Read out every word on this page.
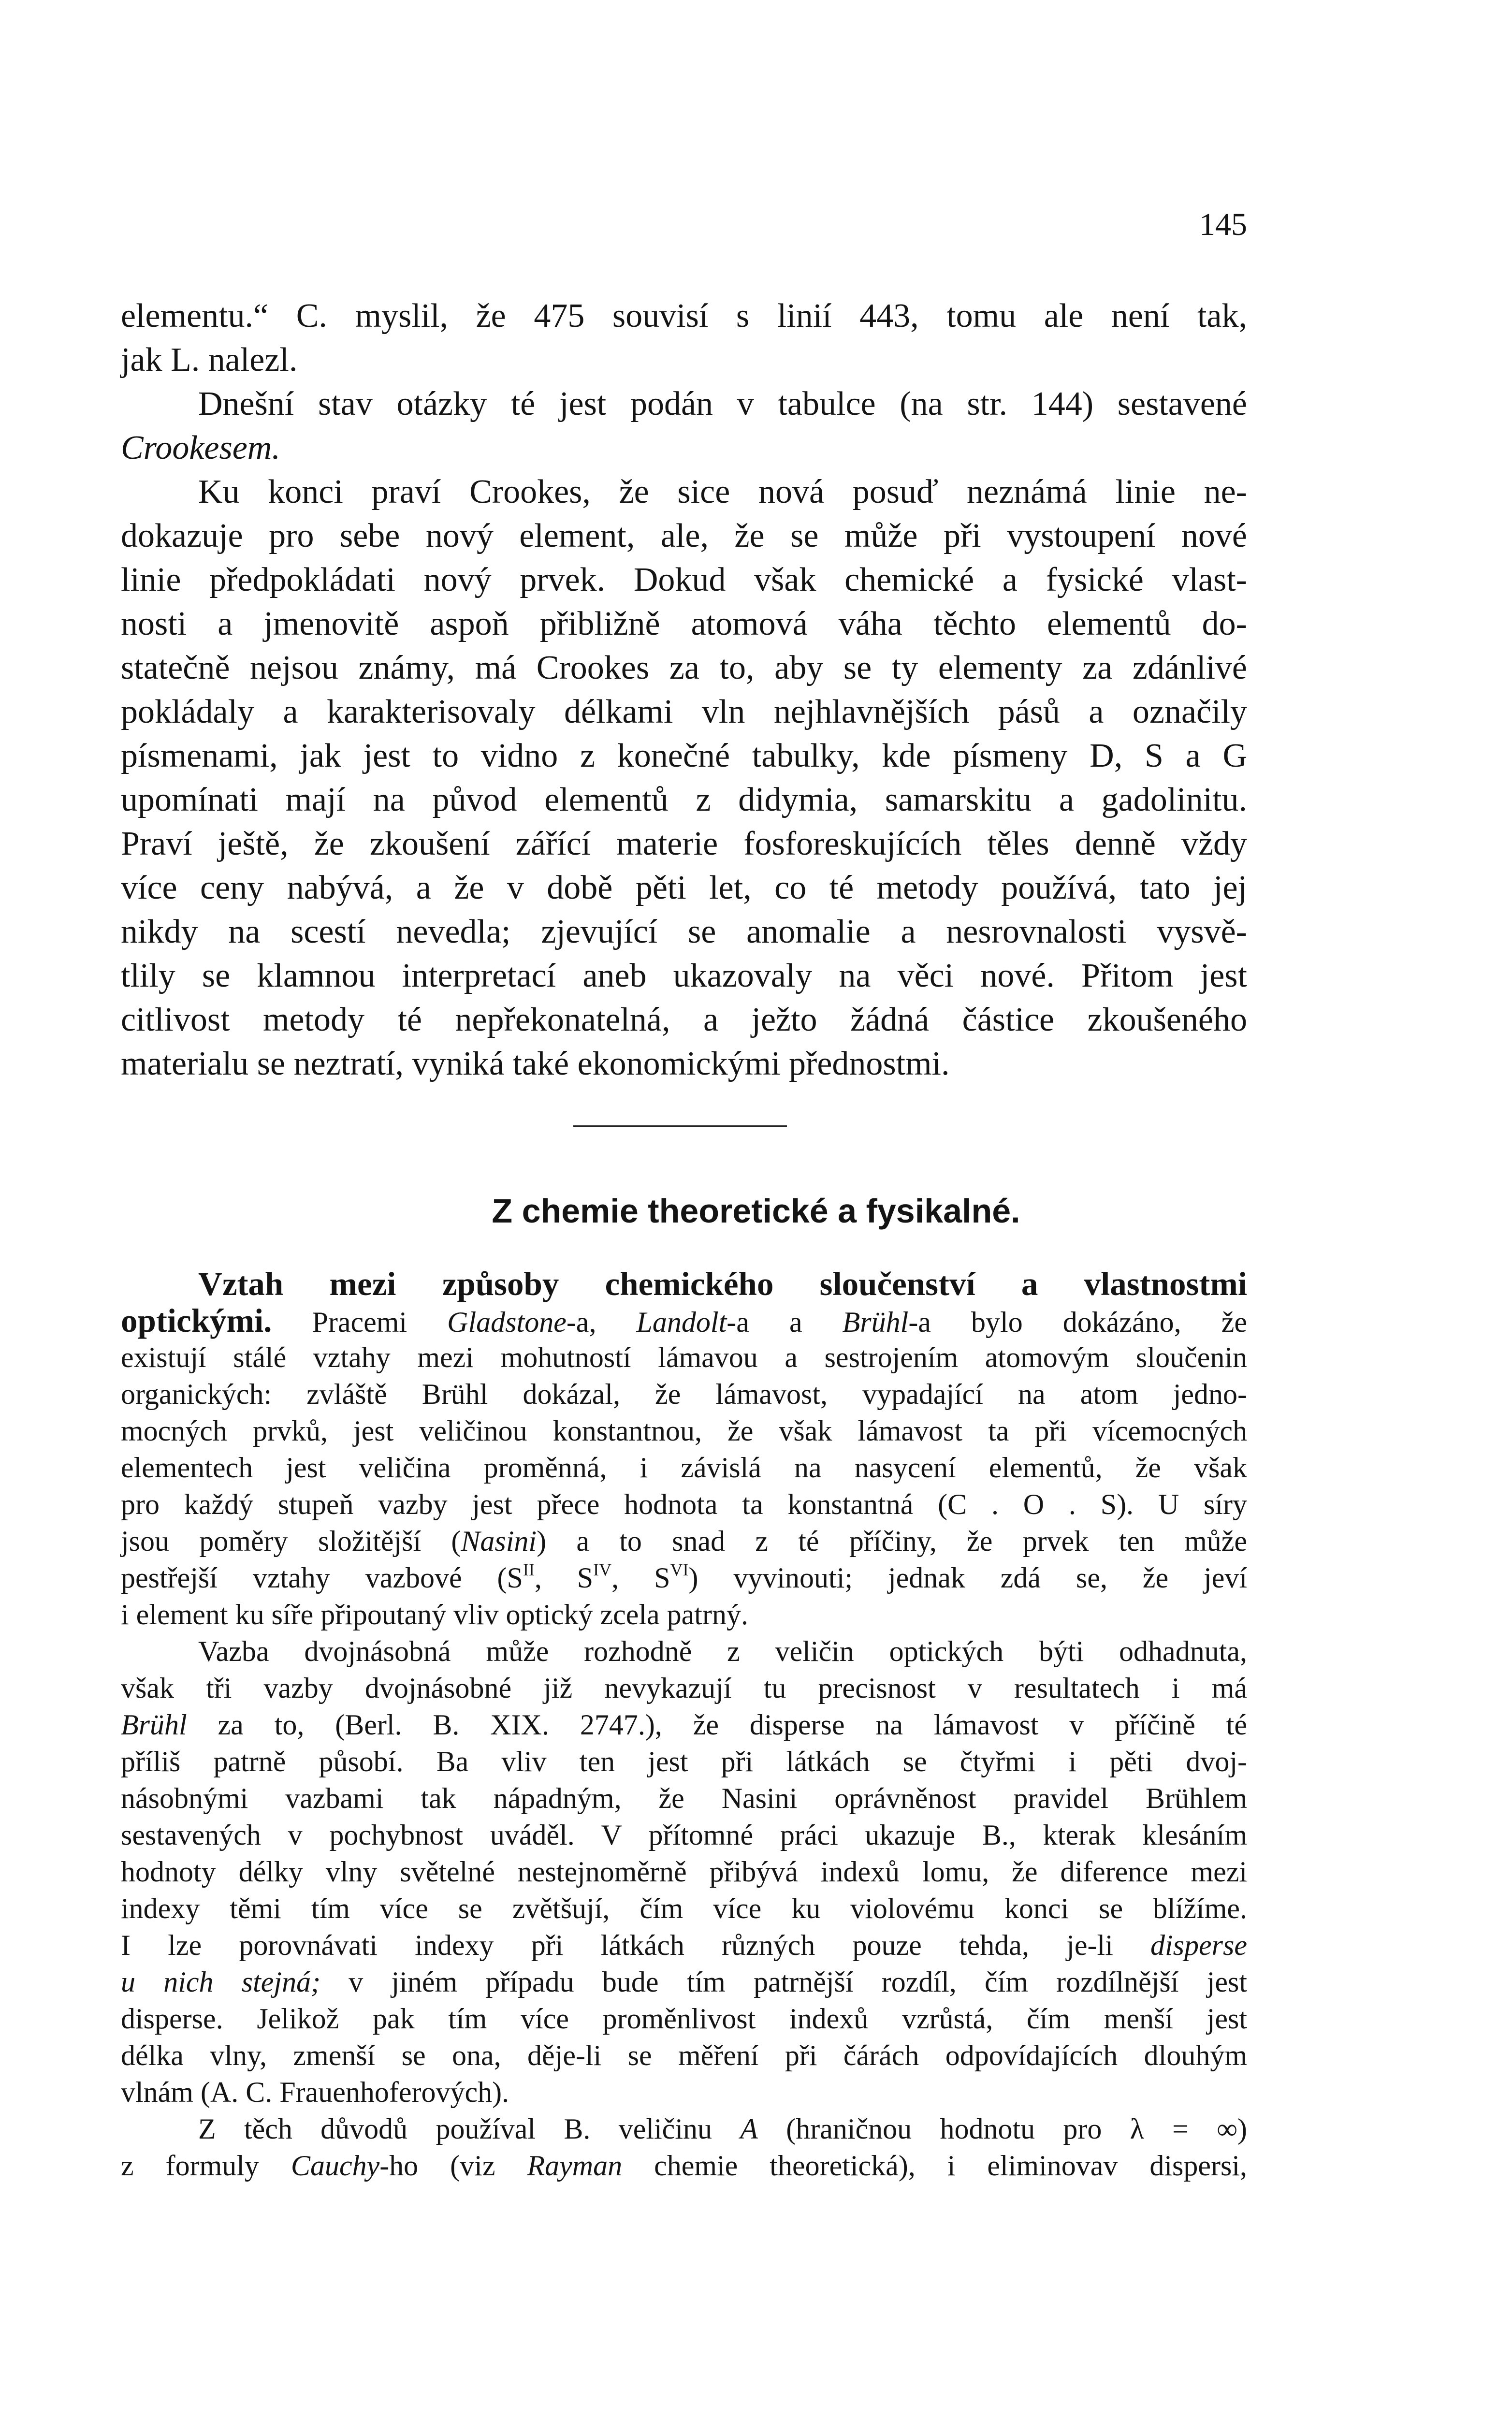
145
elementu.“ C. myslil, že 475 souvisí s linií 443, tomu ale není tak,
jak L. nalezl.
Dnešní stav otázky té jest podán v tabulce (na str. 144) sestavené
Crookesem.
Ku konci praví Crookes, že sice nová posuď neznámá linie ne-
dokazuje pro sebe nový element, ale, že se může při vystoupení nové
linie předpokládati nový prvek. Dokud však chemické a fysické vlast-
nosti a jmenovitě aspoň přibližně atomová váha těchto elementů do-
statečně nejsou známy, má Crookes za to, aby se ty elementy za zdánlivé
pokládaly a karakterisovaly délkami vln nejhlavnějších pásů a označily
písmenami, jak jest to vidno z konečné tabulky, kde písmeny D, S a G
upomínati mají na původ elementů z didymia, samarskitu a gadolinitu.
Praví ještě, že zkoušení zářící materie fosforeskujících těles denně vždy
více ceny nabývá, a že v době pěti let, co té metody používá, tato jej
nikdy na scestí nevedla; zjevující se anomalie a nesrovnalosti vysvě-
tlily se klamnou interpretací aneb ukazovaly na věci nové. Přitom jest
citlivost metody té nepřekonatelná, a ježto žádná částice zkoušeného
materialu se neztratí, vyniká také ekonomickými přednostmi.
Z chemie theoretické a fysikalné.
Vztah mezi způsoby chemického sloučenství a vlastnostmi
optickými. Pracemi Gladstone-a, Landolt-a a Brühl-a bylo dokázáno, že
existují stálé vztahy mezi mohutností lámavou a sestrojením atomovým sloučenin
organických: zvláště Brühl dokázal, že lámavost, vypadající na atom jedno-
mocných prvků, jest veličinou konstantnou, že však lámavost ta při vícemocných
elementech jest veličina proměnná, i závislá na nasycení elementů, že však
pro každý stupeň vazby jest přece hodnota ta konstantná (C . O . S). U síry
jsou poměry složitější (Nasini) a to snad z té příčiny, že prvek ten může
pestřejší vztahy vazbové ($S^{II}$, $S^{IV}$, $S^{VI}$) vyvinouti; jednak zdá se, že jeví
i element ku síře připoutaný vliv optický zcela patrný.
Vazba dvojnásobná může rozhodně z veličin optických býti odhadnuta,
však tři vazby dvojnásobné již nevykazují tu precisnost v resultatech i má
Brühl za to, (Berl. B. XIX. 2747.), že disperse na lámavost v příčině té
příliš patrně působí. Ba vliv ten jest při látkách se čtyřmi i pěti dvoj-
násobnými vazbami tak nápadným, že Nasini oprávněnost pravidel Brühlem
sestavených v pochybnost uváděl. V přítomné práci ukazuje B., kterak klesáním
hodnoty délky vlny světelné nestejnoměrně přibývá indexů lomu, že diference mezi
indexy těmi tím více se zvětšují, čím více ku violovému konci se blížíme.
I lze porovnávati indexy při látkách různých pouze tehda, je-li disperse
u nich stejná; v jiném případu bude tím patrnější rozdíl, čím rozdílnější jest
disperse. Jelikož pak tím více proměnlivost indexů vzrůstá, čím menší jest
délka vlny, zmenší se ona, děje-li se měření při čárách odpovídajících dlouhým
vlnám (A. C. Frauenhoferových).
Z těch důvodů používal B. veličinu A (hraničnou hodnotu pro λ = ∞)
z formuly Cauchy-ho (viz Rayman chemie theoretická), i eliminovav dispersi,
